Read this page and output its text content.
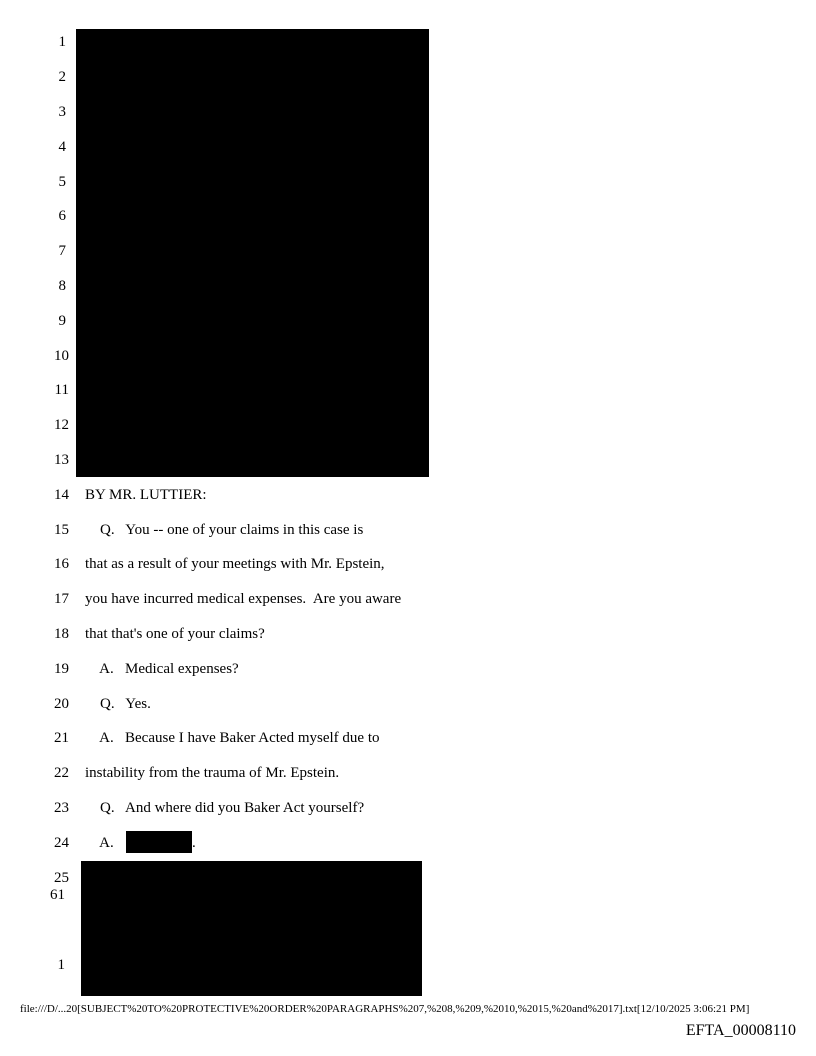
1
2
3
4
5
6
7
8
9
10
11
12
13
14
15
16
17
18
19
20
21
22
23
24
25
61
1
BY MR. LUTTIER:
Q.   You -- one of your claims in this case is
that as a result of your meetings with Mr. Epstein,
you have incurred medical expenses.  Are you aware
that that's one of your claims?
A.   Medical expenses?
Q.   Yes.
A.   Because I have Baker Acted myself due to
instability from the trauma of Mr. Epstein.
Q.   And where did you Baker Act yourself?
A.	.
file:///D/...20[SUBJECT%20TO%20PROTECTIVE%20ORDER%20PARAGRAPHS%207,%208,%209,%2010,%2015,%20and%2017].txt[12/10/2025 3:06:21 PM]
EFTA_00008110
